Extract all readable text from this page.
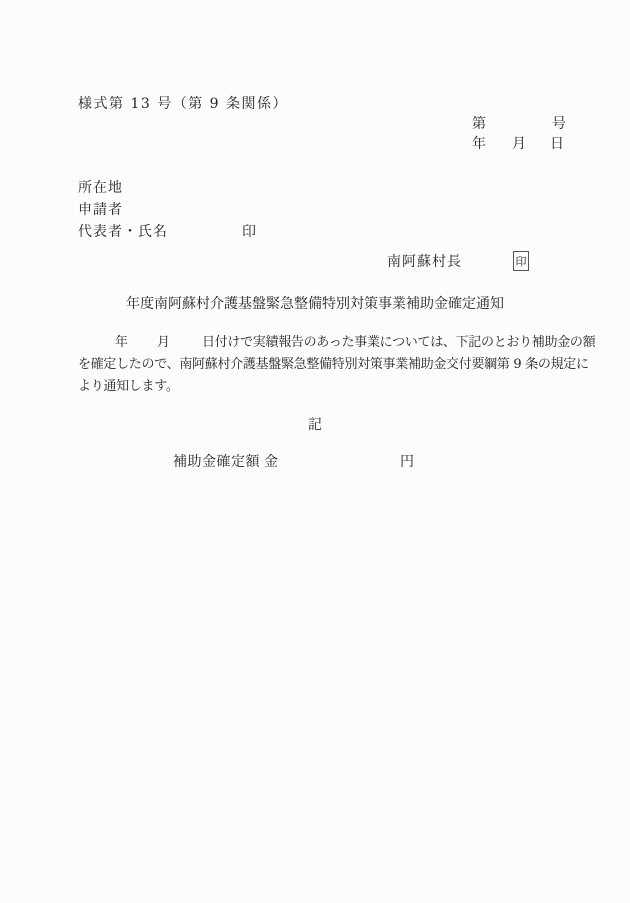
様式第 13 号（第 9 条関係）
第	号
年 月 日
所在地
申請者
代表者・氏名	印
南阿蘇村長	印
年度南阿蘇村介護基盤緊急整備特別対策事業補助金確定通知
年 月 日付けで実績報告のあった事業については、下記のとおり補助金の額
を確定したので、南阿蘇村介護基盤緊急整備特別対策事業補助金交付要綱第 9 条の規定に
より通知します。
記
補助金確定額 金	円
